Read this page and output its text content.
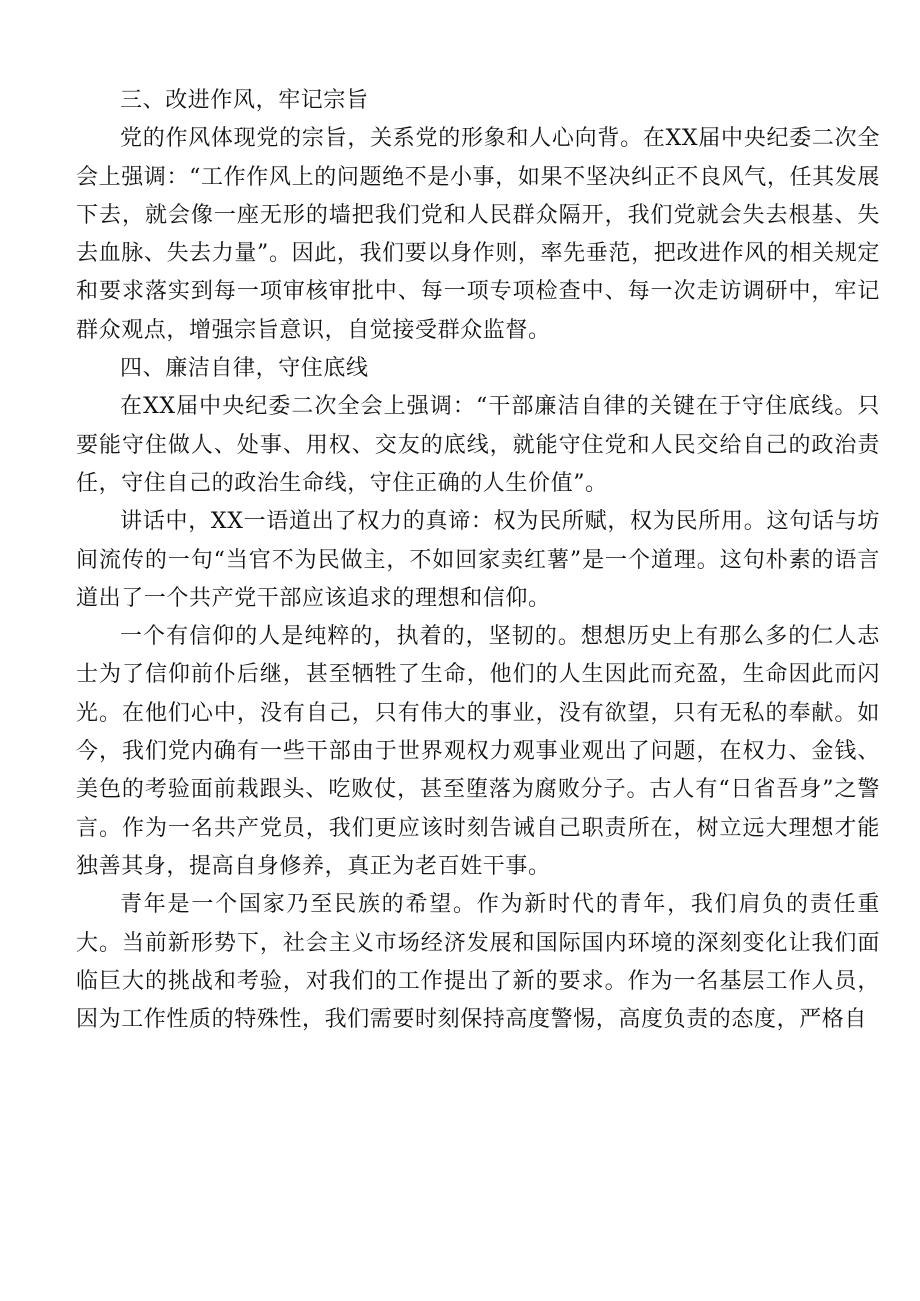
三、改进作风，牢记宗旨

党的作风体现党的宗旨，关系党的形象和人心向背。在XX届中央纪委二次全会上强调：“工作作风上的问题绝不是小事，如果不坚决纠正不良风气，任其发展下去，就会像一座无形的墙把我们党和人民群众隔开，我们党就会失去根基、失去血脉、失去力量”。因此，我们要以身作则，率先垂范，把改进作风的相关规定和要求落实到每一项审核审批中、每一项专项检查中、每一次走访调研中，牢记群众观点，增强宗旨意识，自觉接受群众监督。

四、廉洁自律，守住底线

在XX届中央纪委二次全会上强调：“干部廉洁自律的关键在于守住底线。只要能守住做人、处事、用权、交友的底线，就能守住党和人民交给自己的政治责任，守住自己的政治生命线，守住正确的人生价值”。

讲话中，XX一语道出了权力的真谛：权为民所赋，权为民所用。这句话与坊间流传的一句“当官不为民做主，不如回家卖红薯”是一个道理。这句朴素的语言道出了一个共产党干部应该追求的理想和信仰。

一个有信仰的人是纯粹的，执着的，坚韧的。想想历史上有那么多的仁人志士为了信仰前仆后继，甚至牺牲了生命，他们的人生因此而充盈，生命因此而闪光。在他们心中，没有自己，只有伟大的事业，没有欲望，只有无私的奉献。如今，我们党内确有一些干部由于世界观权力观事业观出了问题，在权力、金钱、美色的考验面前栽跟头、吃败仗，甚至堕落为腐败分子。古人有“日省吾身”之警言。作为一名共产党员，我们更应该时刻告诫自己职责所在，树立远大理想才能独善其身，提高自身修养，真正为老百姓干事。

青年是一个国家乃至民族的希望。作为新时代的青年，我们肩负的责任重大。当前新形势下，社会主义市场经济发展和国际国内环境的深刻变化让我们面临巨大的挑战和考验，对我们的工作提出了新的要求。作为一名基层工作人员，因为工作性质的特殊性，我们需要时刻保持高度警惕，高度负责的态度，严格自
